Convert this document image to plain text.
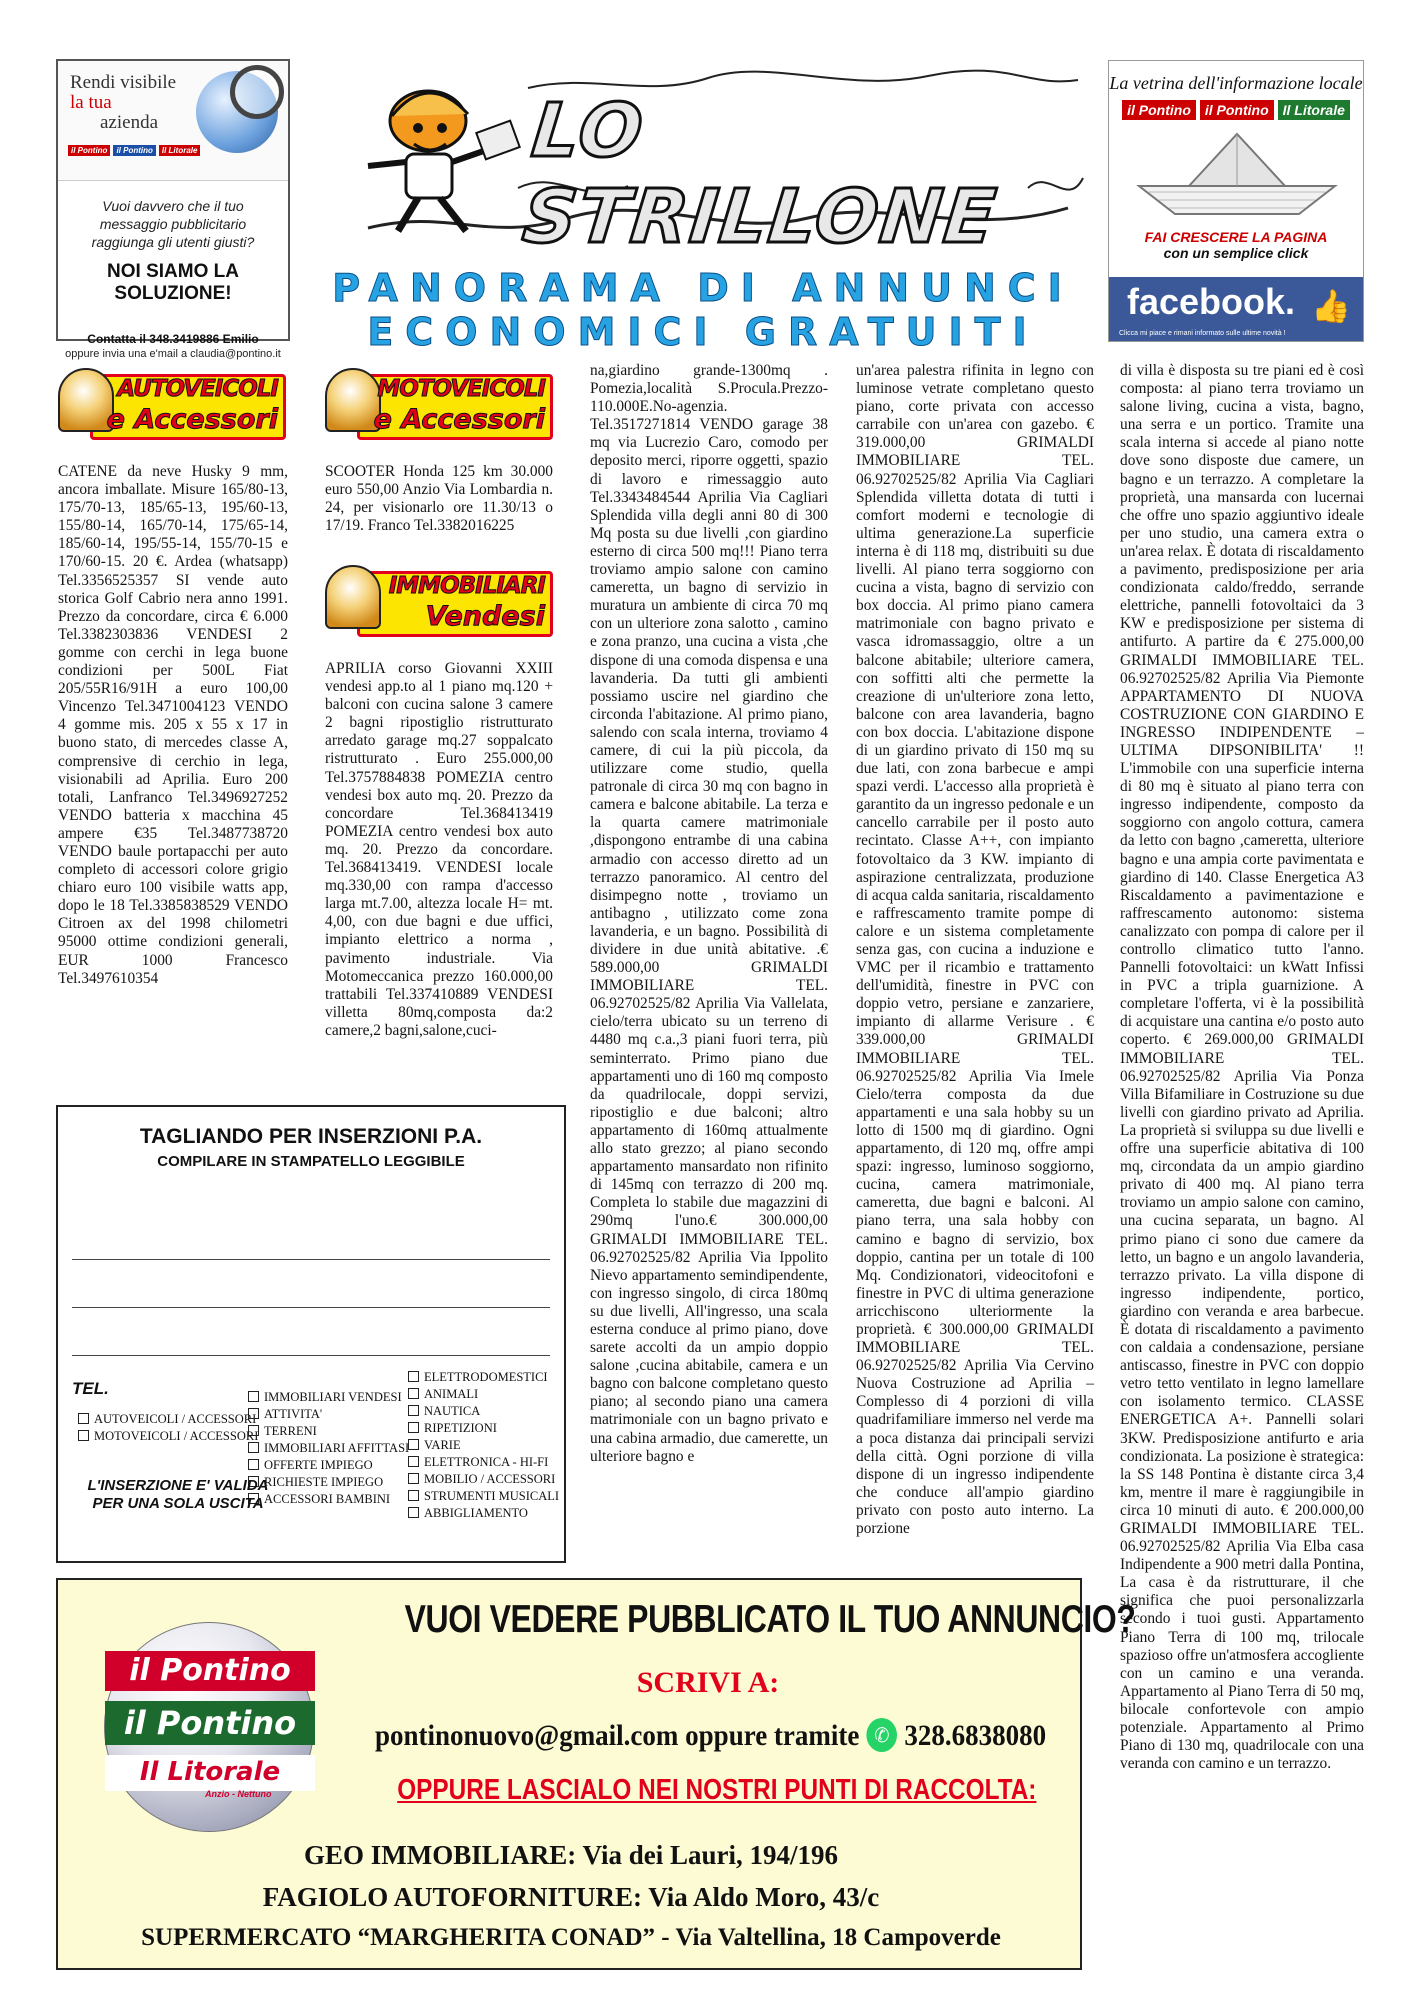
Rendi visibile
la tua
azienda
il Pontino	il Pontino	Il Litorale
Vuoi davvero che il tuo messaggio pubblicitario raggiunga gli utenti giusti?
NOI SIAMO LA SOLUZIONE!
Contatta il 348.3419886 Emilio
oppure invia una e'mail a claudia@pontino.it
LO STRILLONE
PANORAMA DI ANNUNCI
ECONOMICI GRATUITI
La vetrina dell'informazione locale
il Pontino	il Pontino	Il Litorale
FAI CRESCERE LA PAGINA
con un semplice click
facebook. 👍
Clicca mi piace e rimani informato sulle ultime novità !
AUTOVEICOLI
e Accessori
MOTOVEICOLI
e Accessori
IMMOBILIARI
Vendesi

CATENE da neve Husky 9 mm, ancora imballate. Misure 165/80-13, 175/70-13, 185/65-13, 195/60-13, 155/80-14, 165/70-14, 175/65-14, 185/60-14, 195/55-14, 155/70-15 e 170/60-15. 20 €. Ardea (whatsapp) Tel.3356525357 SI vende auto storica Golf Cabrio nera anno 1991. Prezzo da concordare, circa € 6.000 Tel.3382303836 VENDESI 2 gomme con cerchi in lega buone condizioni per 500L Fiat 205/55R16/91H a euro 100,00 Vincenzo Tel.3471004123 VENDO 4 gomme mis. 205 x 55 x 17 in buono stato, di mercedes classe A, comprensive di cerchio in lega, visionabili ad Aprilia. Euro 200 totali, Lanfranco Tel.3496927252 VENDO batteria x macchina 45 ampere €35 Tel.3487738720 VENDO baule portapacchi per auto completo di accessori colore grigio chiaro euro 100 visibile watts app, dopo le 18 Tel.3385838529 VENDO Citroen ax del 1998 chilometri 95000 ottime condizioni generali, EUR 1000 Francesco Tel.3497610354

SCOOTER Honda 125 km 30.000 euro 550,00 Anzio Via Lombardia n. 24, per visionarlo ore 11.30/13 o 17/19. Franco Tel.3382016225

APRILIA corso Giovanni XXIII vendesi app.to al 1 piano mq.120 + balconi con cucina salone 3 camere 2 bagni ripostiglio ristrutturato arredato garage mq.27 soppalcato ristrutturato . Euro 255.000,00 Tel.3757884838 POMEZIA centro vendesi box auto mq. 20. Prezzo da concordare Tel.368413419 POMEZIA centro vendesi box auto mq. 20. Prezzo da concordare. Tel.368413419. VENDESI locale mq.330,00 con rampa d'accesso larga mt.7.00, altezza locale H= mt. 4,00, con due bagni e due uffici, impianto elettrico a norma , pavimento industriale. Via Motomeccanica prezzo 160.000,00 trattabili Tel.337410889 VENDESI villetta 80mq,composta da:2 camere,2 bagni,salone,cuci-

na,giardino grande-1300mq . Pomezia,località S.Procula.Prezzo-110.000E.No-agenzia. Tel.3517271814 VENDO garage 38 mq via Lucrezio Caro, comodo per deposito merci, riporre oggetti, spazio di lavoro e rimessaggio auto Tel.3343484544 Aprilia Via Cagliari Splendida villa degli anni 80 di 300 Mq posta su due livelli ,con giardino esterno di circa 500 mq!!! Piano terra troviamo ampio salone con camino cameretta, un bagno di servizio in muratura un ambiente di circa 70 mq con un ulteriore zona salotto , camino e zona pranzo, una cucina a vista ,che dispone di una comoda dispensa e una lavanderia. Da tutti gli ambienti possiamo uscire nel giardino che circonda l'abitazione. Al primo piano, salendo con scala interna, troviamo 4 camere, di cui la più piccola, da utilizzare come studio, quella patronale di circa 30 mq con bagno in camera e balcone abitabile. La terza e la quarta camere matrimoniale ,dispongono entrambe di una cabina armadio con accesso diretto ad un terrazzo panoramico. Al centro del disimpegno notte , troviamo un antibagno , utilizzato come zona lavanderia, e un bagno. Possibilità di dividere in due unità abitative. .€ 589.000,00 GRIMALDI IMMOBILIARE TEL. 06.92702525/82 Aprilia Via Vallelata, cielo/terra ubicato su un terreno di 4480 mq c.a.,3 piani fuori terra, più seminterrato. Primo piano due appartamenti uno di 160 mq composto da quadrilocale, doppi servizi, ripostiglio e due balconi; altro appartamento di 160mq attualmente allo stato grezzo; al piano secondo appartamento mansardato non rifinito di 145mq con terrazzo di 200 mq. Completa lo stabile due magazzini di 290mq l'uno.€ 300.000,00 GRIMALDI IMMOBILIARE TEL. 06.92702525/82 Aprilia Via Ippolito Nievo appartamento semindipendente, con ingresso singolo, di circa 180mq su due livelli, All'ingresso, una scala esterna conduce al primo piano, dove sarete accolti da un ampio doppio salone ,cucina abitabile, camera e un bagno con balcone completano questo piano; al secondo piano una camera matrimoniale con un bagno privato e una cabina armadio, due camerette, un ulteriore bagno e

un'area palestra rifinita in legno con luminose vetrate completano questo piano, corte privata con accesso carrabile con un'area con gazebo. € 319.000,00 GRIMALDI IMMOBILIARE TEL. 06.92702525/82 Aprilia Via Cagliari Splendida villetta dotata di tutti i comfort moderni e tecnologie di ultima generazione.La superficie interna è di 118 mq, distribuiti su due livelli. Al piano terra soggiorno con cucina a vista, bagno di servizio con box doccia. Al primo piano camera matrimoniale con bagno privato e vasca idromassaggio, oltre a un balcone abitabile; ulteriore camera, con soffitti alti che permette la creazione di un'ulteriore zona letto, balcone con area lavanderia, bagno con box doccia. L'abitazione dispone di un giardino privato di 150 mq su due lati, con zona barbecue e ampi spazi verdi. L'accesso alla proprietà è garantito da un ingresso pedonale e un cancello carrabile per il posto auto recintato. Classe A++, con impianto fotovoltaico da 3 KW. impianto di aspirazione centralizzata, produzione di acqua calda sanitaria, riscaldamento e raffrescamento tramite pompe di calore e un sistema completamente senza gas, con cucina a induzione e VMC per il ricambio e trattamento dell'umidità, finestre in PVC con doppio vetro, persiane e zanzariere, impianto di allarme Verisure . € 339.000,00 GRIMALDI IMMOBILIARE TEL. 06.92702525/82 Aprilia Via Imele Cielo/terra composta da due appartamenti e una sala hobby su un lotto di 1500 mq di giardino. Ogni appartamento, di 120 mq, offre ampi spazi: ingresso, luminoso soggiorno, cucina, camera matrimoniale, cameretta, due bagni e balconi. Al piano terra, una sala hobby con camino e bagno di servizio, box doppio, cantina per un totale di 100 Mq. Condizionatori, videocitofoni e finestre in PVC di ultima generazione arricchiscono ulteriormente la proprietà. € 300.000,00 GRIMALDI IMMOBILIARE TEL. 06.92702525/82 Aprilia Via Cervino Nuova Costruzione ad Aprilia – Complesso di 4 porzioni di villa quadrifamiliare immerso nel verde ma a poca distanza dai principali servizi della città. Ogni porzione di villa dispone di un ingresso indipendente che conduce all'ampio giardino privato con posto auto interno. La porzione

di villa è disposta su tre piani ed è così composta: al piano terra troviamo un salone living, cucina a vista, bagno, una serra e un portico. Tramite una scala interna si accede al piano notte dove sono disposte due camere, un bagno e un terrazzo. A completare la proprietà, una mansarda con lucernai che offre uno spazio aggiuntivo ideale per uno studio, una camera extra o un'area relax. È dotata di riscaldamento a pavimento, predisposizione per aria condizionata caldo/freddo, serrande elettriche, pannelli fotovoltaici da 3 KW e predisposizione per sistema di antifurto. A partire da € 275.000,00 GRIMALDI IMMOBILIARE TEL. 06.92702525/82 Aprilia Via Piemonte APPARTAMENTO DI NUOVA COSTRUZIONE CON GIARDINO E INGRESSO INDIPENDENTE – ULTIMA DIPSONIBILITA' !! L'immobile con una superficie interna di 80 mq è situato al piano terra con ingresso indipendente, composto da soggiorno con angolo cottura, camera da letto con bagno ,cameretta, ulteriore bagno e una ampia corte pavimentata e giardino di 140. Classe Energetica A3 Riscaldamento a pavimentazione e raffrescamento autonomo: sistema canalizzato con pompa di calore per il controllo climatico tutto l'anno. Pannelli fotovoltaici: un kWatt Infissi in PVC a tripla guarnizione. A completare l'offerta, vi è la possibilità di acquistare una cantina e/o posto auto coperto. € 269.000,00 GRIMALDI IMMOBILIARE TEL. 06.92702525/82 Aprilia Via Ponza Villa Bifamiliare in Costruzione su due livelli con giardino privato ad Aprilia. La proprietà si sviluppa su due livelli e offre una superficie abitativa di 100 mq, circondata da un ampio giardino privato di 400 mq. Al piano terra troviamo un ampio salone con camino, una cucina separata, un bagno. Al primo piano ci sono due camere da letto, un bagno e un angolo lavanderia, terrazzo privato. La villa dispone di ingresso indipendente, portico, giardino con veranda e area barbecue. È dotata di riscaldamento a pavimento con caldaia a condensazione, persiane antiscasso, finestre in PVC con doppio vetro tetto ventilato in legno lamellare con isolamento termico. CLASSE ENERGETICA A+. Pannelli solari 3KW. Predisposizione antifurto e aria condizionata. La posizione è strategica: la SS 148 Pontina è distante circa 3,4 km, mentre il mare è raggiungibile in circa 10 minuti di auto. € 200.000,00 GRIMALDI IMMOBILIARE TEL. 06.92702525/82 Aprilia Via Elba casa Indipendente a 900 metri dalla Pontina, La casa è da ristrutturare, il che significa che puoi personalizzarla secondo i tuoi gusti. Appartamento Piano Terra di 100 mq, trilocale spazioso offre un'atmosfera accogliente con un camino e una veranda. Appartamento al Piano Terra di 50 mq, bilocale confortevole con ampio potenziale. Appartamento al Primo Piano di 130 mq, quadrilocale con una veranda con camino e un terrazzo.

TAGLIANDO PER INSERZIONI P.A.
COMPILARE IN STAMPATELLO LEGGIBILE
TEL.
AUTOVEICOLI / ACCESSORI
MOTOVEICOLI / ACCESSORI
IMMOBILIARI VENDESI
ATTIVITA'
TERRENI
IMMOBILIARI AFFITTASI
OFFERTE IMPIEGO
RICHIESTE IMPIEGO
ACCESSORI BAMBINI
ELETTRODOMESTICI
ANIMALI
NAUTICA
RIPETIZIONI
VARIE
ELETTRONICA - HI-FI
MOBILIO / ACCESSORI
STRUMENTI MUSICALI
ABBIGLIAMENTO
L'INSERZIONE E' VALIDA PER UNA SOLA USCITA
il Pontino
il Pontino
Il Litorale
Anzio - Nettuno
VUOI VEDERE PUBBLICATO IL TUO ANNUNCIO?
SCRIVI A:
pontinonuovo@gmail.com oppure tramite ✆ 328.6838080
OPPURE LASCIALO NEI NOSTRI PUNTI DI RACCOLTA:
GEO IMMOBILIARE: Via dei Lauri, 194/196
FAGIOLO AUTOFORNITURE: Via Aldo Moro, 43/c
SUPERMERCATO “MARGHERITA CONAD” - Via Valtellina, 18 Campoverde
